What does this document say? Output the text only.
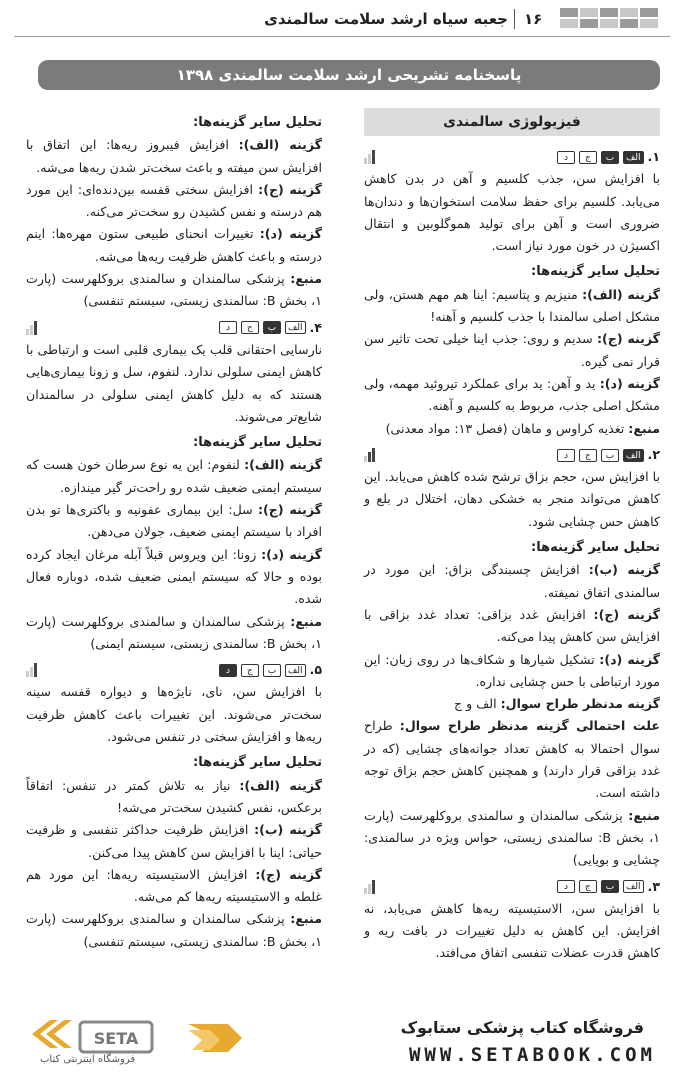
۱۶
جعبه سیاه ارشد سلامت سالمندی
پاسخنامه تشریحی ارشد سلامت سالمندی ۱۳۹۸
فیزیولوژی سالمندی
۱.
الف
ب
ج
د

با افزایش سن، جذب کلسیم و آهن در بدن کاهش می‌یابد. کلسیم برای حفظ سلامت استخوان‌ها و دندان‌ها ضروری است و آهن برای تولید هموگلوبین و انتقال اکسیژن در خون مورد نیاز است.

تحلیل سایر گزینه‌ها:

گزینه (الف): منیزیم و پتاسیم: اینا هم مهم هستن، ولی مشکل اصلی سالمندا با جذب کلسیم و آهنه!

گزینه (ج): سدیم و روی: جذب اینا خیلی تحت تاثیر سن قرار نمی گیره.

گزینه (د): ید و آهن: ید برای عملکرد تیروئید مهمه، ولی مشکل اصلی جذب، مربوط به کلسیم و آهنه.

منبع: تغذیه کراوس و ماهان (فصل ۱۳: مواد معدنی)

۲.
الف
ب
ج
د

با افزایش سن، حجم بزاق ترشح شده کاهش می‌یابد. این کاهش می‌تواند منجر به خشکی دهان، اختلال در بلع و کاهش حس چشایی شود.

تحلیل سایر گزینه‌ها:

گزینه (ب): افزایش چسبندگی بزاق: این مورد در سالمندی اتفاق نمیفته.

گزینه (ج): افزایش غدد بزاقی: تعداد غدد بزاقی با افزایش سن کاهش پیدا می‌کنه.

گزینه (د): تشکیل شیارها و شکاف‌ها در روی زبان: این مورد ارتباطی با حس چشایی نداره.

گزینه مدنظر طراح سوال: الف و ج

علت احتمالی گزینه مدنظر طراح سوال: طراح سوال احتمالا به کاهش تعداد جوانه‌های چشایی (که در غدد بزاقی قرار دارند) و همچنین کاهش حجم بزاق توجه داشته است.

منبع: پزشکی سالمندان و سالمندی بروکلهرست (پارت ۱، بخش B: سالمندی زیستی، حواس ویژه در سالمندی: چشایی و بویایی)

۳.
الف
ب
ج
د

با افزایش سن، الاستیسیته ریه‌ها کاهش می‌یابد، نه افزایش. این کاهش به دلیل تغییرات در بافت ریه و کاهش قدرت عضلات تنفسی اتفاق می‌افتد.

تحلیل سایر گزینه‌ها:

گزینه (الف): افزایش فیبروز ریه‌ها: این اتفاق با افزایش سن میفته و باعث سخت‌تر شدن ریه‌ها می‌شه.

گزینه (ج): افزایش سختی قفسه بین‌دنده‌ای: این مورد هم درسته و نفس کشیدن رو سخت‌تر می‌کنه.

گزینه (د): تغییرات انحنای طبیعی ستون مهره‌ها: اینم درسته و باعث کاهش ظرفیت ریه‌ها می‌شه.

منبع: پزشکی سالمندان و سالمندی بروکلهرست (پارت ۱، بخش B: سالمندی زیستی، سیستم تنفسی)

۴.
الف
ب
ج
د

نارسایی احتقانی قلب یک بیماری قلبی است و ارتباطی با کاهش ایمنی سلولی ندارد. لنفوم، سل و زونا بیماری‌هایی هستند که به دلیل کاهش ایمنی سلولی در سالمندان شایع‌تر می‌شوند.

تحلیل سایر گزینه‌ها:

گزینه (الف): لنفوم: این یه نوع سرطان خون هست که سیستم ایمنی ضعیف شده رو راحت‌تر گیر میندازه.

گزینه (ج): سل: این بیماری عفونیه و باکتری‌ها تو بدن افراد با سیستم ایمنی ضعیف، جولان می‌دهن.

گزینه (د): زونا: این ویروس قبلاً آبله مرغان ایجاد کرده بوده و حالا که سیستم ایمنی ضعیف شده، دوباره فعال شده.

منبع: پزشکی سالمندان و سالمندی بروکلهرست (پارت ۱، بخش B: سالمندی زیستی، سیستم ایمنی)

۵.
الف
ب
ج
د

با افزایش سن، نای، نایژه‌ها و دیواره قفسه سینه سخت‌تر می‌شوند. این تغییرات باعث کاهش ظرفیت ریه‌ها و افزایش سختی در تنفس می‌شود.

تحلیل سایر گزینه‌ها:

گزینه (الف): نیاز به تلاش کمتر در تنفس: اتفاقاً برعکس، نفس کشیدن سخت‌تر می‌شه!

گزینه (ب): افزایش ظرفیت حداکثر تنفسی و ظرفیت حیاتی: اینا با افزایش سن کاهش پیدا می‌کنن.

گزینه (ج): افزایش الاستیسیته ریه‌ها: این مورد هم غلطه و الاستیسیته ریه‌ها کم می‌شه.

منبع: پزشکی سالمندان و سالمندی بروکلهرست (پارت ۱، بخش B: سالمندی زیستی، سیستم تنفسی)

SETA
فروشگاه اینترنتی کتاب
فروشگاه کتاب پزشکی ستابوک
WWW.SETABOOK.COM
